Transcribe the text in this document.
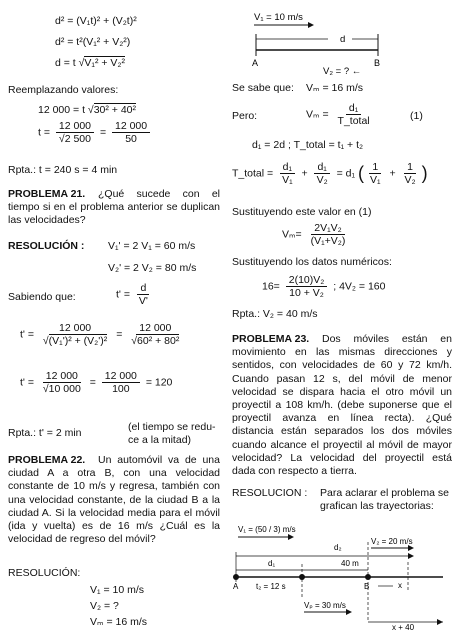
d² = (V₁t)² + (V₂t)²
d² = t²(V₁² + V₂²)
d = t √V₁² + V₂²
Reemplazando valores:
12 000 = t √30² + 40²
$t = \frac{12 000}{√2 500} = \frac{12 000}{50}$
Rpta.: t = 240 s = 4 min
PROBLEMA 21.	¿Qué sucede con el tiempo si en el problema anterior se duplican las velocidades?
RESOLUCIÓN : V₁' = 2 V₁ = 60 m/s
V₂' = 2 V₂ = 80 m/s
Sabiendo que:	$t' = \frac{d}{V'}$
$t' = \frac{12 000}{\text{√(V₁')² + (V₂')²}} = \frac{12 000}{\text{√60² + 80²}}$
$t' = \frac{12 000}{√10 000} = \frac{12 000}{100} = 120$
Rpta.: t' = 2 min	(el tiempo se redu-
ce a la mitad)
PROBLEMA 22.	Un automóvil va de una ciudad A a otra B, con una velocidad constante de 10 m/s y regresa, también con una velocidad constante, de la ciudad B a la ciudad A. Si la velocidad media para el móvil (ida y vuelta) es de 16 m/s ¿Cuál es la velocidad de regreso del móvil?
RESOLUCIÓN:
V₁ = 10 m/s
V₂ = ?
Vₘ = 16 m/s
V₁ = 10 m/s
d
A	B
V₂ = ? ←
Se sabe que: Vₘ = 16 m/s
Pero:	$V_m = \frac{\text{d₁}}{\text{T\_total}}$	(1)
d₁ = 2d ; T_total = t₁ + t₂
T_total = $\frac{\text{d₁}}{\text{V₁}} + \frac{\text{d₁}}{\text{V₂}} = d_1$ ( $\frac{1}{\text{V₁}} + \frac{1}{\text{V₂}}$ )
Sustituyendo este valor en (1)
$V_m= \frac{\text{2V₁V₂}}{\text{(V₁+V₂)}}$
Sustituyendo los datos numéricos:
$16= \frac{\text{2(10)V₂}}{\text{10 + V₂}}$ ; 4V₂ = 160
Rpta.: V₂ = 40 m/s
PROBLEMA 23.	Dos móviles están en movimiento en las mismas direcciones y sentidos, con velocidades de 60 y 72 km/h. Cuando pasan 12 s, del móvil de menor velocidad se dispara hacia el otro móvil un proyectil a 108 km/h. (debe suponerse que el proyectil avanza en línea recta). ¿Qué distancia están separados los dos móviles cuando alcance el proyectil al móvil de mayor velocidad? La velocidad del proyectil está dada con respecto a tierra.
RESOLUCION : Para aclarar el problema se grafican las trayectorias:
V₁ = (50 / 3) m/s
V₂ = 20 m/s
d₂
d₁	40 m
x
A t₂ = 12 s	B
Vₚ = 30 m/s
x + 40
